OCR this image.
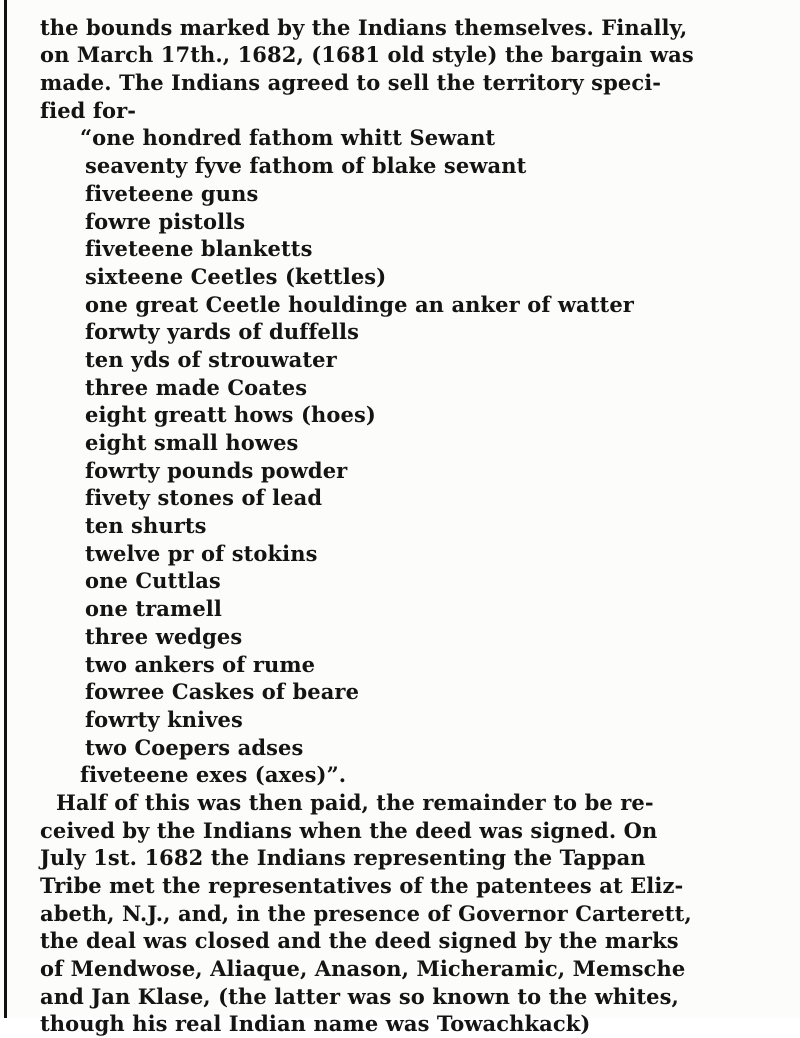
the bounds marked by the Indians themselves. Finally,
on March 17th., 1682, (1681 old style) the bargain was
made. The Indians agreed to sell the territory speci-
fied for-
“one hondred fathom whitt Sewant
seaventy fyve fathom of blake sewant
fiveteene guns
fowre pistolls
fiveteene blanketts
sixteene Ceetles (kettles)
one great Ceetle houldinge an anker of watter
forwty yards of duffells
ten yds of strouwater
three made Coates
eight greatt hows (hoes)
eight small howes
fowrty pounds powder
fivety stones of lead
ten shurts
twelve pr of stokins
one Cuttlas
one tramell
three wedges
two ankers of rume
fowree Caskes of beare
fowrty knives
two Coepers adses
fiveteene exes (axes)”.
Half of this was then paid, the remainder to be re-
ceived by the Indians when the deed was signed. On
July 1st. 1682 the Indians representing the Tappan
Tribe met the representatives of the patentees at Eliz-
abeth, N.J., and, in the presence of Governor Carterett,
the deal was closed and the deed signed by the marks
of Mendwose, Aliaque, Anason, Micheramic, Memsche
and Jan Klase, (the latter was so known to the whites,
though his real Indian name was Towachkack)
